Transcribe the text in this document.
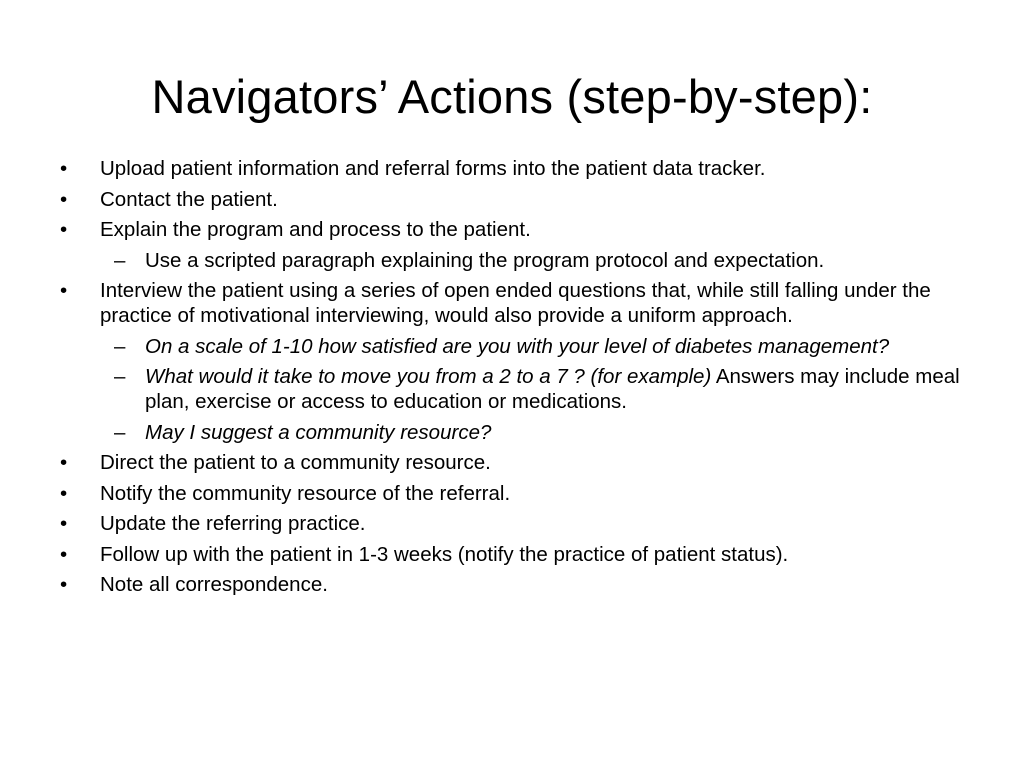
Navigators’ Actions (step-by-step):
•	Upload patient information and referral forms into the patient data tracker.
•	Contact the patient.
•	Explain the program and process to the patient.
– Use a scripted paragraph explaining the program protocol and expectation.
•	Interview the patient using a series of open ended questions that, while still falling under the practice of motivational interviewing, would also provide a uniform approach.
– On a scale of 1-10 how satisfied are you with your level of diabetes management?
– What would it take to move you from a 2 to a 7 ? (for example) Answers may include meal plan, exercise or access to education or medications.
– May I suggest a community resource?
•	Direct the patient to a community resource.
•	Notify the community resource of the referral.
•	Update the referring practice.
•	Follow up with the patient in 1-3 weeks (notify the practice of patient status).
•	Note all correspondence.
